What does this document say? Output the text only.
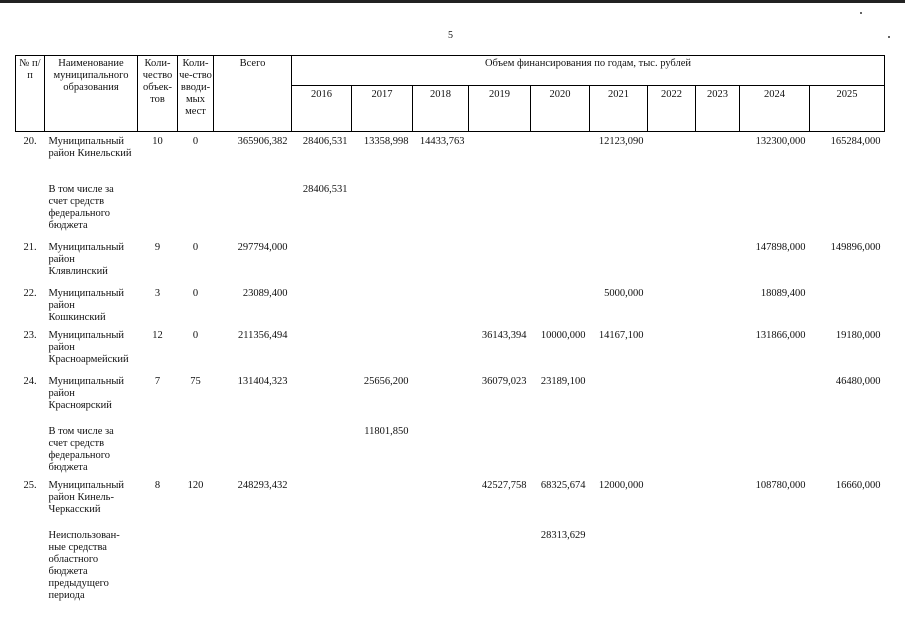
5
№ п/п	Наименование муниципального образования	Коли-чество объек-тов	Коли-че-ство вводи-мых мест	Всего	Объем финансирования по годам, тыс. рублей									
					2016	2017	2018	2019	2020	2021	2022	2023	2024	2025
20.	Муниципальный район Кинельский	10	0	365906,382	28406,531	13358,998	14433,763			12123,090			132300,000	165284,000
	В том числе за счет средств федерального бюджета				28406,531									
21.	Муниципальный район Клявлинский	9	0	297794,000									147898,000	149896,000
22.	Муниципальный район Кошкинский	3	0	23089,400						5000,000			18089,400	
23.	Муниципальный район Красноармейский	12	0	211356,494				36143,394	10000,000	14167,100			131866,000	19180,000
24.	Муниципальный район Красноярский	7	75	131404,323		25656,200		36079,023	23189,100					46480,000
	В том числе за счет средств федерального бюджета					11801,850								
25.	Муниципальный район Кинель-Черкасский	8	120	248293,432				42527,758	68325,674	12000,000			108780,000	16660,000
	Неиспользован-ные средства областного бюджета предыдущего периода								28313,629					
